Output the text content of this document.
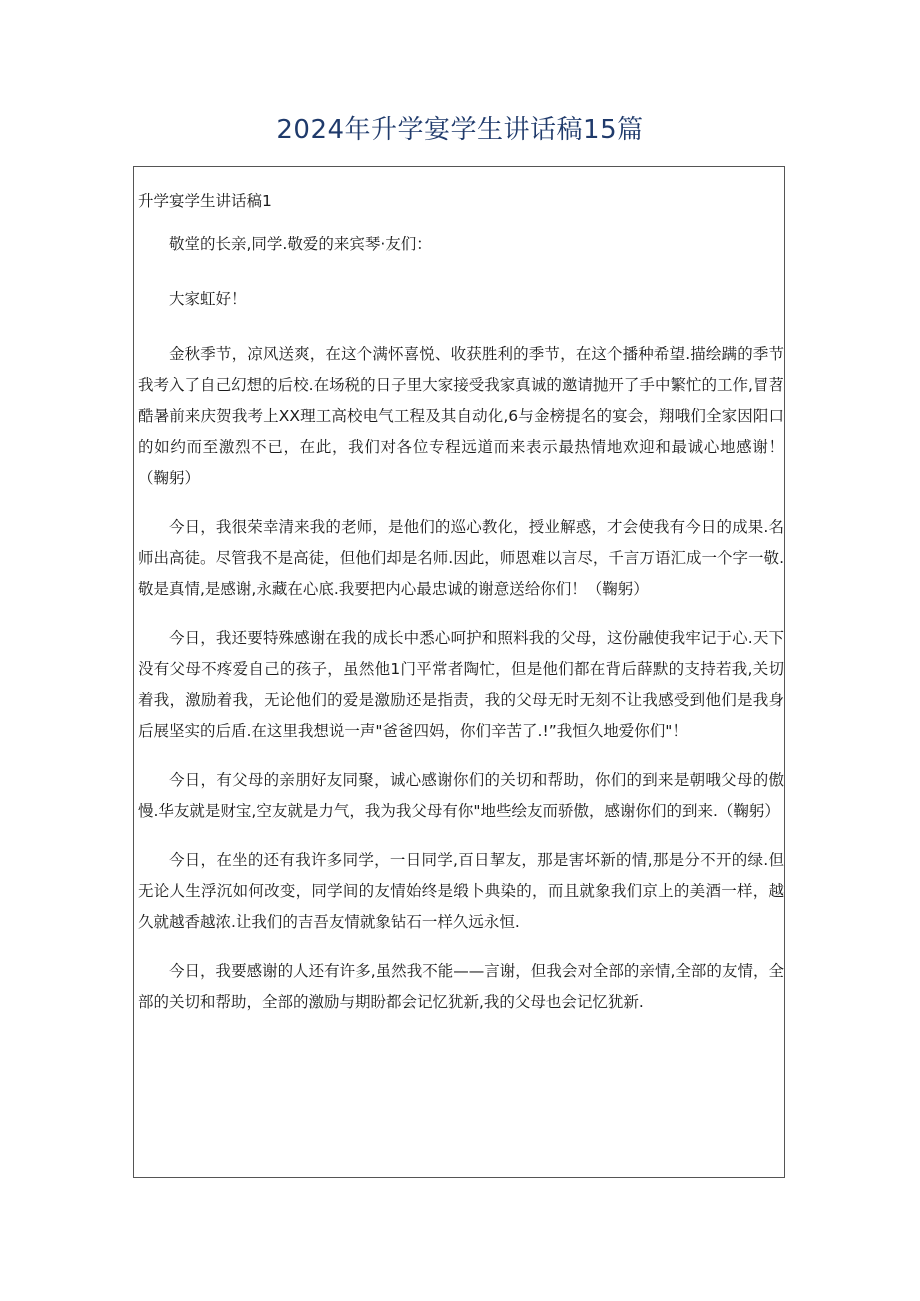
2024年升学宴学生讲话稿15篇
升学宴学生讲话稿1

敬堂的长亲,同学.敬爱的来宾琴·友们：

大家虹好！

金秋季节，凉风送爽，在这个满怀喜悦、收获胜利的季节，在这个播种希望.描绘蹒的季节我考入了自己幻想的后校.在场税的日子里大家接受我家真诚的邀请抛开了手中繁忙的工作,冒苕酷暑前来庆贺我考上XX理工高校电气工程及其自动化,6与金榜提名的宴会，翔哦们全家因阳口的如约而至激烈不已，在此，我们对各位专程远道而来表示最热情地欢迎和最诚心地感谢！（鞠躬）

今日，我很荣幸清来我的老师，是他们的巡心教化，授业解惑，才会使我有今日的成果.名师出高徒。尽管我不是高徒，但他们却是名师.因此，师恩难以言尽，千言万语汇成一个字一敬.敬是真情,是感谢,永藏在心底.我要把内心最忠诚的谢意送给你们！（鞠躬）

今日，我还要特殊感谢在我的成长中悉心呵护和照料我的父母，这份融使我牢记于心.天下没有父母不疼爱自己的孩子，虽然他1门平常者陶忙，但是他们都在背后薛默的支持若我,关切着我，激励着我，无论他们的爱是激励还是指责，我的父母无时无刻不让我感受到他们是我身后展坚实的后盾.在这里我想说一声"爸爸四妈，你们辛苦了.!”我恒久地爱你们"！

今日，有父母的亲朋好友同聚，诚心感谢你们的关切和帮助，你们的到来是朝哦父母的傲慢.华友就是财宝,空友就是力气，我为我父母有你"地些绘友而骄傲，感谢你们的到来.（鞠躬）

今日，在坐的还有我许多同学，一日同学,百日挈友，那是害坏新的情,那是分不开的绿.但无论人生浮沉如何改变，同学间的友情始终是缎卜典染的，而且就象我们京上的美酒一样，越久就越香越浓.让我们的吉吾友情就象钻石一样久远永恒.

今日，我要感谢的人还有许多,虽然我不能——言谢，但我会对全部的亲情,全部的友情，全部的关切和帮助，全部的激励与期盼都会记忆犹新,我的父母也会记忆犹新.
